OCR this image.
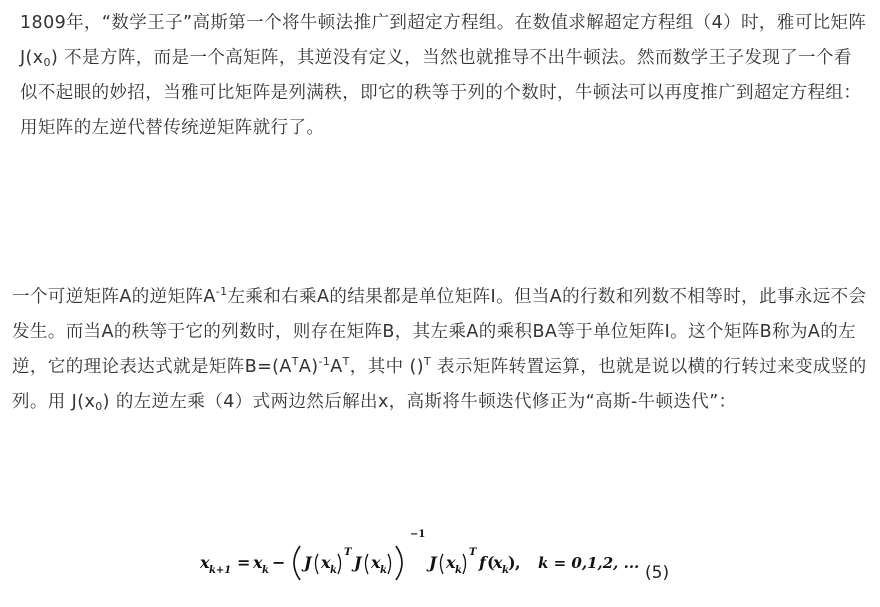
1809年，“数学王子”高斯第一个将牛顿法推广到超定方程组。在数值求解超定方程组（4）时，雅可比矩阵 $J(x_0)$ 不是方阵，而是一个高矩阵，其逆没有定义，当然也就推导不出牛顿法。然而数学王子发现了一个看似不起眼的妙招，当雅可比矩阵是列满秩，即它的秩等于列的个数时，牛顿法可以再度推广到超定方程组：用矩阵的左逆代替传统逆矩阵就行了。
一个可逆矩阵A的逆矩阵$A^{-1}$左乘和右乘A的结果都是单位矩阵I。但当A的行数和列数不相等时，此事永远不会发生。而当A的秩等于它的列数时，则存在矩阵B，其左乘A的乘积BA等于单位矩阵I。这个矩阵B称为A的左逆，它的理论表达式就是矩阵$B=(A^TA)^{-1}A^T$，其中 ()$^T$ 表示矩阵转置运算，也就是说以横的行转过来变成竖的列。用 $J(x_0)$ 的左逆左乘（4）式两边然后解出x，高斯将牛顿迭代修正为“高斯-牛顿迭代”：
x k+1 = x k − J x k
T
J x k
−1
J x k
T
f (
x k ) , k = 0,1,2, ... (5)
